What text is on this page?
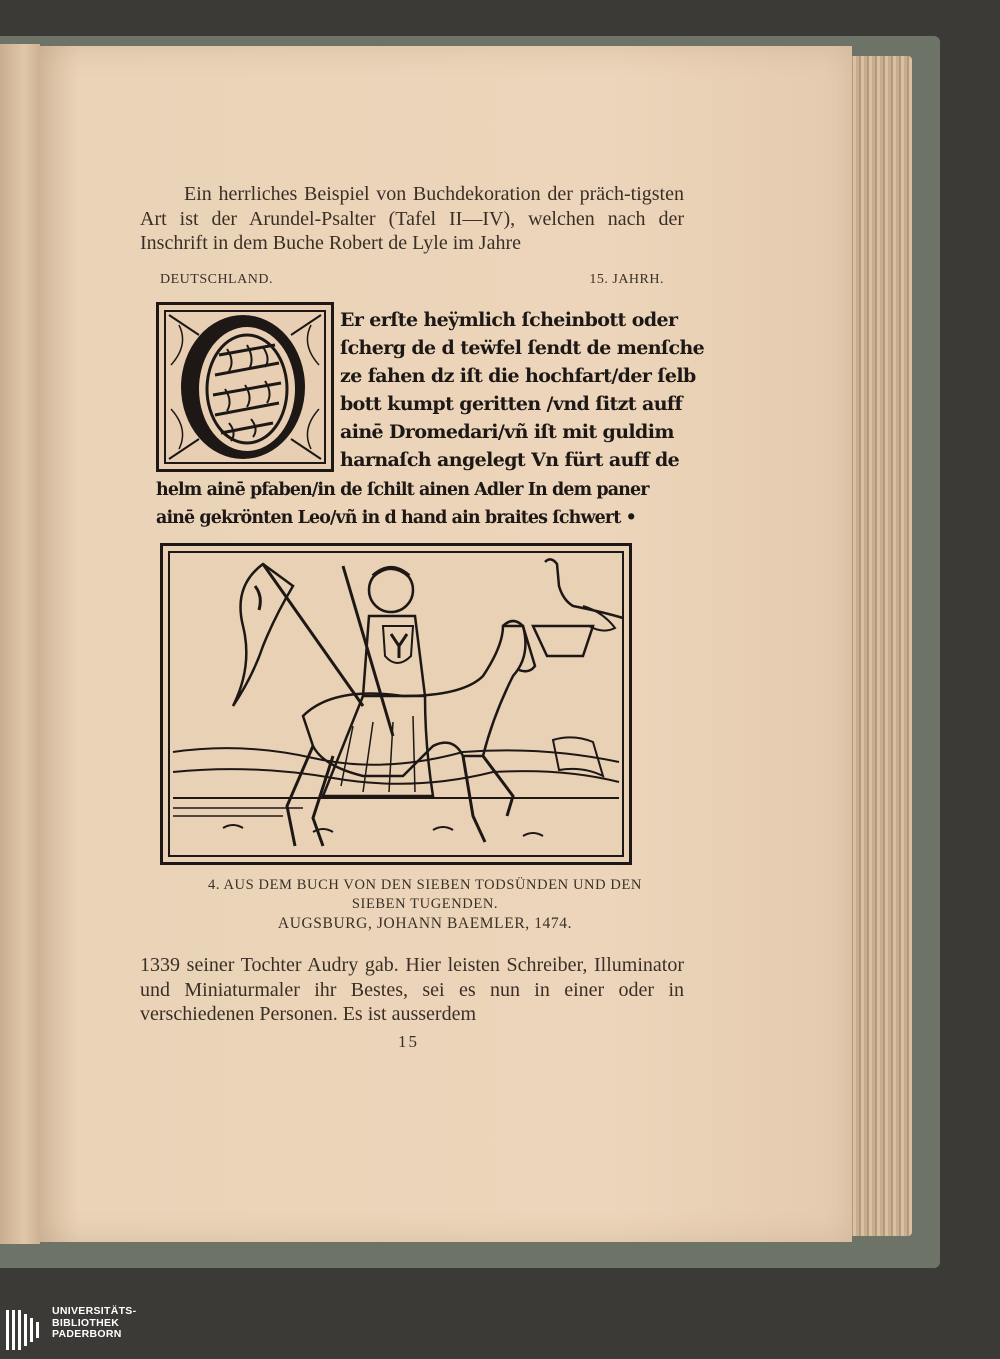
Ein herrliches Beispiel von Buchdekoration der präch-tigsten Art ist der Arundel-Psalter (Tafel II—IV), welchen nach der Inschrift in dem Buche Robert de Lyle im Jahre
DEUTSCHLAND.	15. JAHRH.
Er erſte heÿmlich ſcheinbott oder
ſcherg de d teẅfel ſendt de menſche
ze fahen dz iſt die hochfart/der ſelb
bott kumpt geritten /vnd ſitzt auff
ainē Dromedari/vñ iſt mit guldim
harnaſch angelegt Vn fürt auff de
helm ainē pfaben/in de ſchilt ainen Adler In dem paner
ainē gekrönten Leo/vñ in d hand ain braites ſchwert •
4. AUS DEM BUCH VON DEN SIEBEN TODSÜNDEN UND DEN
SIEBEN TUGENDEN.
AUGSBURG, JOHANN BAEMLER, 1474.
1339 seiner Tochter Audry gab. Hier leisten Schreiber, Illuminator und Miniaturmaler ihr Bestes, sei es nun in einer oder in verschiedenen Personen. Es ist ausserdem
15
UNIVERSITÄTS-
BIBLIOTHEK
PADERBORN
